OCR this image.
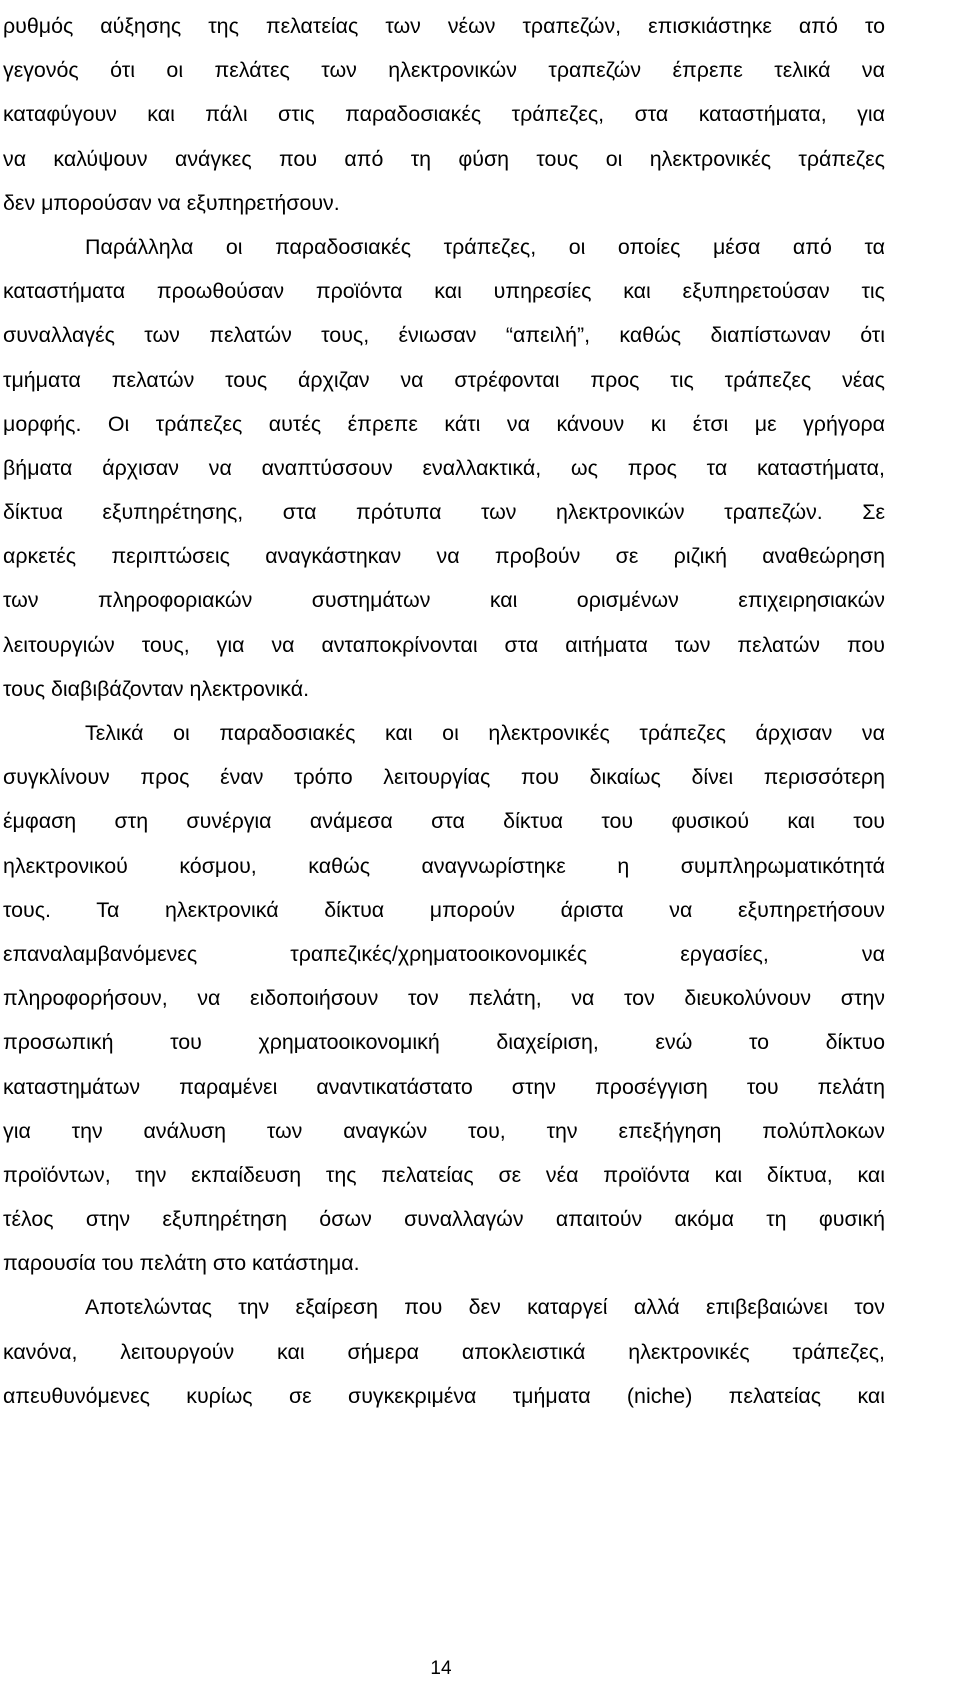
ρυθμός αύξησης της πελατείας των νέων τραπεζών, επισκιάστηκε από το
γεγονός ότι οι πελάτες των ηλεκτρονικών τραπεζών έπρεπε τελικά να
καταφύγουν και πάλι στις παραδοσιακές τράπεζες, στα καταστήματα, για
να καλύψουν ανάγκες που από τη φύση τους οι ηλεκτρονικές τράπεζες
δεν μπορούσαν να εξυπηρετήσουν.
Παράλληλα οι παραδοσιακές τράπεζες, οι οποίες μέσα από τα
καταστήματα προωθούσαν προϊόντα και υπηρεσίες και εξυπηρετούσαν τις
συναλλαγές των πελατών τους, ένιωσαν “απειλή”, καθώς διαπίστωναν ότι
τμήματα πελατών τους άρχιζαν να στρέφονται προς τις τράπεζες νέας
μορφής. Οι τράπεζες αυτές έπρεπε κάτι να κάνουν κι έτσι με γρήγορα
βήματα άρχισαν να αναπτύσσουν εναλλακτικά, ως προς τα καταστήματα,
δίκτυα εξυπηρέτησης, στα πρότυπα των ηλεκτρονικών τραπεζών. Σε
αρκετές περιπτώσεις αναγκάστηκαν να προβούν σε ριζική αναθεώρηση
των πληροφοριακών συστημάτων και ορισμένων επιχειρησιακών
λειτουργιών τους, για να ανταποκρίνονται στα αιτήματα των πελατών που
τους διαβιβάζονταν ηλεκτρονικά.
Τελικά οι παραδοσιακές και οι ηλεκτρονικές τράπεζες άρχισαν να
συγκλίνουν προς έναν τρόπο λειτουργίας που δικαίως δίνει περισσότερη
έμφαση στη συνέργια ανάμεσα στα δίκτυα του φυσικού και του
ηλεκτρονικού κόσμου, καθώς αναγνωρίστηκε η συμπληρωματικότητά
τους. Τα ηλεκτρονικά δίκτυα μπορούν άριστα να εξυπηρετήσουν
επαναλαμβανόμενες τραπεζικές/χρηματοοικονομικές εργασίες, να
πληροφορήσουν, να ειδοποιήσουν τον πελάτη, να τον διευκολύνουν στην
προσωπική του χρηματοοικονομική διαχείριση, ενώ το δίκτυο
καταστημάτων παραμένει αναντικατάστατο στην προσέγγιση του πελάτη
για την ανάλυση των αναγκών του, την επεξήγηση πολύπλοκων
προϊόντων, την εκπαίδευση της πελατείας σε νέα προϊόντα και δίκτυα, και
τέλος στην εξυπηρέτηση όσων συναλλαγών απαιτούν ακόμα τη φυσική
παρουσία του πελάτη στο κατάστημα.
Αποτελώντας την εξαίρεση που δεν καταργεί αλλά επιβεβαιώνει τον
κανόνα, λειτουργούν και σήμερα αποκλειστικά ηλεκτρονικές τράπεζες,
απευθυνόμενες κυρίως σε συγκεκριμένα τμήματα (niche) πελατείας και
14
